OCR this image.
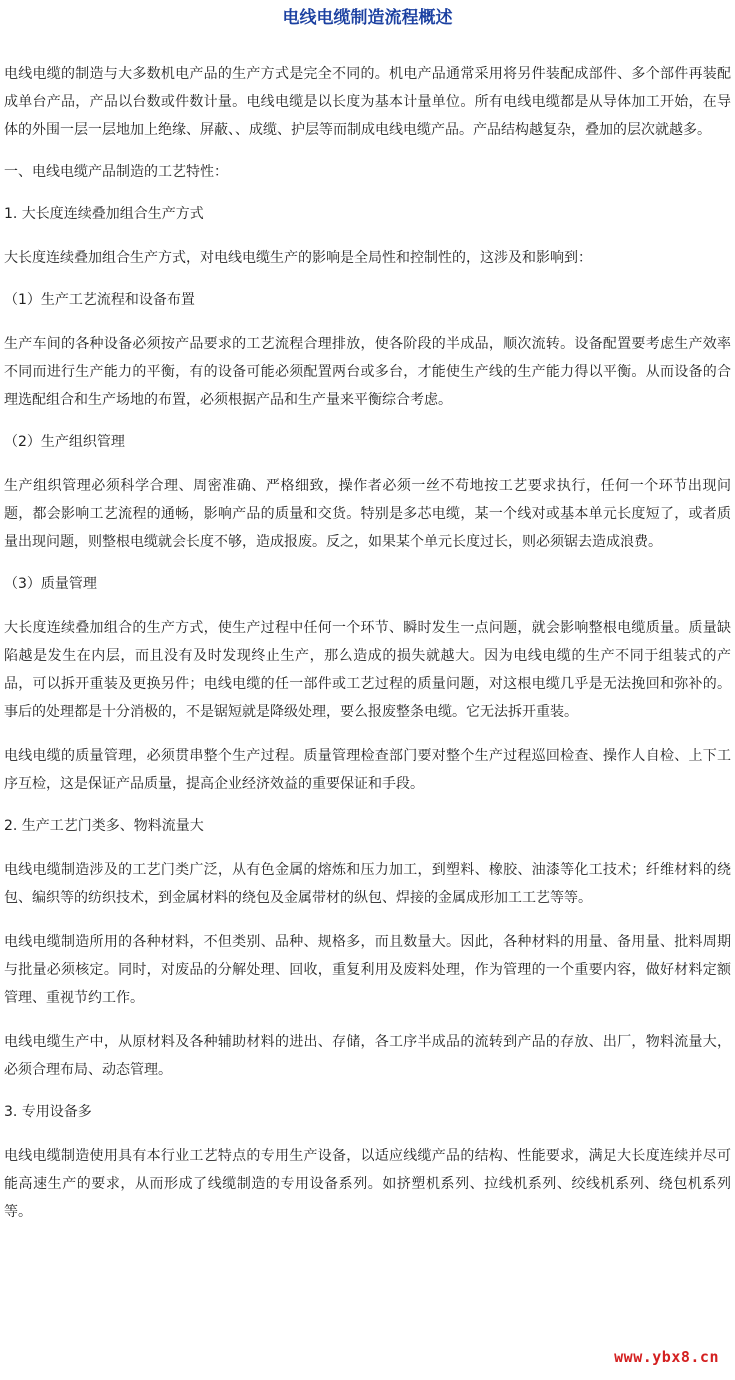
电线电缆制造流程概述

电线电缆的制造与大多数机电产品的生产方式是完全不同的。机电产品通常采用将另件装配成部件、多个部件再装配成单台产品，产品以台数或件数计量。电线电缆是以长度为基本计量单位。所有电线电缆都是从导体加工开始，在导体的外围一层一层地加上绝缘、屏蔽、、成缆、护层等而制成电线电缆产品。产品结构越复杂，叠加的层次就越多。

一、电线电缆产品制造的工艺特性：

1. 大长度连续叠加组合生产方式

大长度连续叠加组合生产方式，对电线电缆生产的影响是全局性和控制性的，这涉及和影响到：

（1）生产工艺流程和设备布置

生产车间的各种设备必须按产品要求的工艺流程合理排放，使各阶段的半成品，顺次流转。设备配置要考虑生产效率不同而进行生产能力的平衡，有的设备可能必须配置两台或多台，才能使生产线的生产能力得以平衡。从而设备的合理选配组合和生产场地的布置，必须根据产品和生产量来平衡综合考虑。

（2）生产组织管理

生产组织管理必须科学合理、周密准确、严格细致，操作者必须一丝不苟地按工艺要求执行，任何一个环节出现问题，都会影响工艺流程的通畅，影响产品的质量和交货。特别是多芯电缆，某一个线对或基本单元长度短了，或者质量出现问题，则整根电缆就会长度不够，造成报废。反之，如果某个单元长度过长，则必须锯去造成浪费。

（3）质量管理

大长度连续叠加组合的生产方式，使生产过程中任何一个环节、瞬时发生一点问题，就会影响整根电缆质量。质量缺陷越是发生在内层，而且没有及时发现终止生产，那么造成的损失就越大。因为电线电缆的生产不同于组装式的产品，可以拆开重装及更换另件；电线电缆的任一部件或工艺过程的质量问题，对这根电缆几乎是无法挽回和弥补的。事后的处理都是十分消极的，不是锯短就是降级处理，要么报废整条电缆。它无法拆开重装。

电线电缆的质量管理，必须贯串整个生产过程。质量管理检查部门要对整个生产过程巡回检查、操作人自检、上下工序互检，这是保证产品质量，提高企业经济效益的重要保证和手段。

2. 生产工艺门类多、物料流量大

电线电缆制造涉及的工艺门类广泛，从有色金属的熔炼和压力加工，到塑料、橡胶、油漆等化工技术；纤维材料的绕包、编织等的纺织技术，到金属材料的绕包及金属带材的纵包、焊接的金属成形加工工艺等等。

电线电缆制造所用的各种材料，不但类别、品种、规格多，而且数量大。因此，各种材料的用量、备用量、批料周期与批量必须核定。同时，对废品的分解处理、回收，重复利用及废料处理，作为管理的一个重要内容，做好材料定额管理、重视节约工作。

电线电缆生产中，从原材料及各种辅助材料的进出、存储，各工序半成品的流转到产品的存放、出厂，物料流量大，必须合理布局、动态管理。

3. 专用设备多

电线电缆制造使用具有本行业工艺特点的专用生产设备，以适应线缆产品的结构、性能要求，满足大长度连续并尽可能高速生产的要求，从而形成了线缆制造的专用设备系列。如挤塑机系列、拉线机系列、绞线机系列、绕包机系列等。

www.ybx8.cn
